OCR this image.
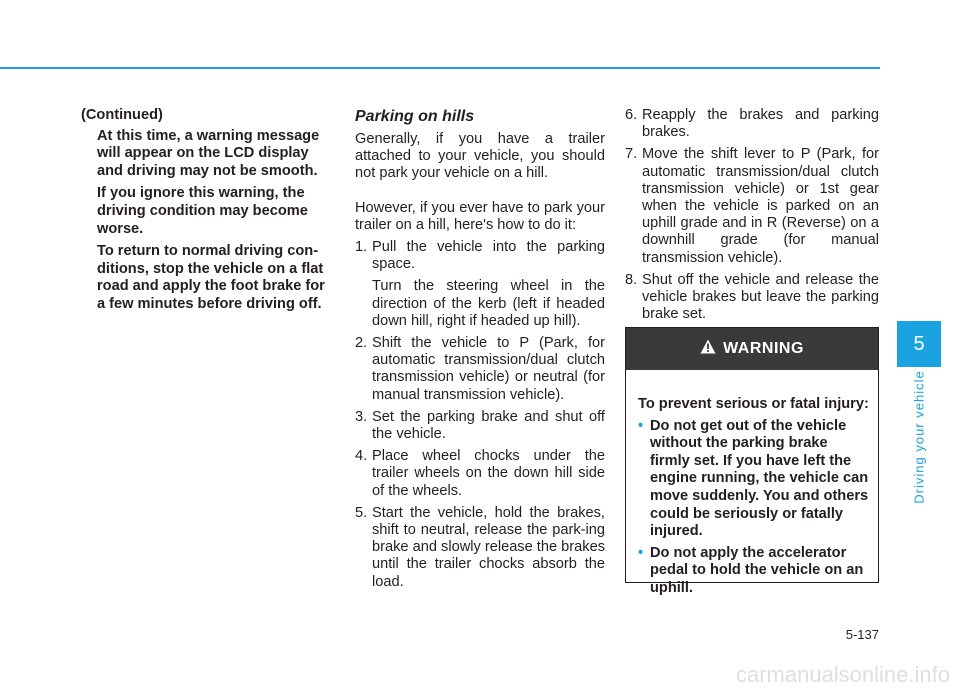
(Continued)

At this time, a warning message will appear on the LCD display and driving may not be smooth.

If you ignore this warning, the driving condition may become worse.

To return to normal driving con-ditions, stop the vehicle on a flat road and apply the foot brake for a few minutes before driving off.

Parking on hills

Generally, if you have a trailer attached to your vehicle, you should not park your vehicle on a hill.

However, if you ever have to park your trailer on a hill, here's how to do it:

1. Pull the vehicle into the parking space.

Turn the steering wheel in the direction of the kerb (left if headed down hill, right if headed up hill).

2. Shift the vehicle to P (Park, for automatic transmission/dual clutch transmission vehicle) or neutral (for manual transmission vehicle).

3. Set the parking brake and shut off the vehicle.

4. Place wheel chocks under the trailer wheels on the down hill side of the wheels.

5. Start the vehicle, hold the brakes, shift to neutral, release the park-ing brake and slowly release the brakes until the trailer chocks absorb the load.

6. Reapply the brakes and parking brakes.

7. Move the shift lever to P (Park, for automatic transmission/dual clutch transmission vehicle) or 1st gear when the vehicle is parked on an uphill grade and in R (Reverse) on a downhill grade (for manual transmission vehicle).

8. Shut off the vehicle and release the vehicle brakes but leave the parking brake set.

WARNING

To prevent serious or fatal injury:

• Do not get out of the vehicle without the parking brake firmly set. If you have left the engine running, the vehicle can move suddenly. You and others could be seriously or fatally injured.

• Do not apply the accelerator pedal to hold the vehicle on an uphill.

5
Driving your vehicle
5-137
carmanualsonline.info
